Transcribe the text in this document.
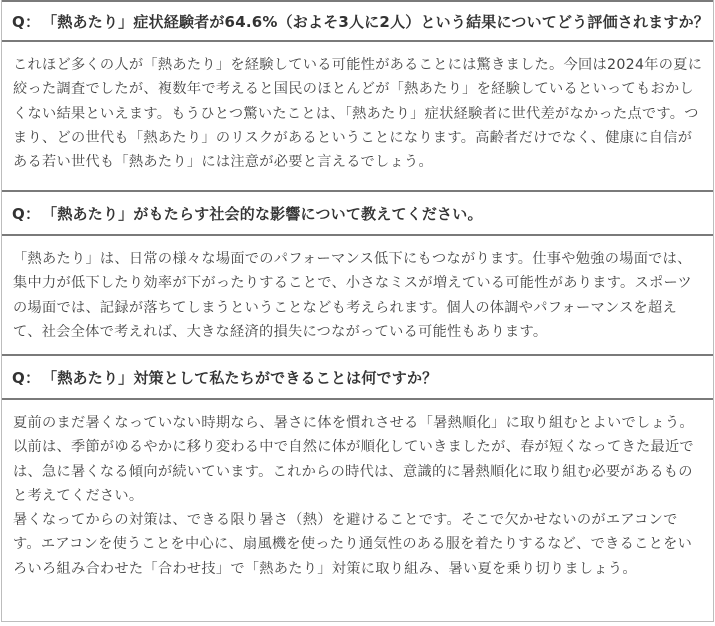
Q： 「熱あたり」症状経験者が64.6%（およそ3人に2人）という結果についてどう評価されますか？

これほど多くの人が「熱あたり」を経験している可能性があることには驚きました。今回は2024年の夏に絞った調査でしたが、複数年で考えると国民のほとんどが「熱あたり」を経験しているといってもおかしくない結果といえます。もうひとつ驚いたことは、「熱あたり」症状経験者に世代差がなかった点です。つまり、どの世代も「熱あたり」のリスクがあるということになります。高齢者だけでなく、健康に自信がある若い世代も「熱あたり」には注意が必要と言えるでしょう。

Q： 「熱あたり」がもたらす社会的な影響について教えてください。

「熱あたり」は、日常の様々な場面でのパフォーマンス低下にもつながります。仕事や勉強の場面では、集中力が低下したり効率が下がったりすることで、小さなミスが増えている可能性があります。スポーツの場面では、記録が落ちてしまうということなども考えられます。個人の体調やパフォーマンスを超えて、社会全体で考えれば、大きな経済的損失につながっている可能性もあります。

Q： 「熱あたり」対策として私たちができることは何ですか？

夏前のまだ暑くなっていない時期なら、暑さに体を慣れさせる「暑熱順化」に取り組むとよいでしょう。以前は、季節がゆるやかに移り変わる中で自然に体が順化していきましたが、春が短くなってきた最近では、急に暑くなる傾向が続いています。これからの時代は、意識的に暑熱順化に取り組む必要があるものと考えてください。

暑くなってからの対策は、できる限り暑さ（熱）を避けることです。そこで欠かせないのがエアコンです。エアコンを使うことを中心に、扇風機を使ったり通気性のある服を着たりするなど、できることをいろいろ組み合わせた「合わせ技」で「熱あたり」対策に取り組み、暑い夏を乗り切りましょう。
